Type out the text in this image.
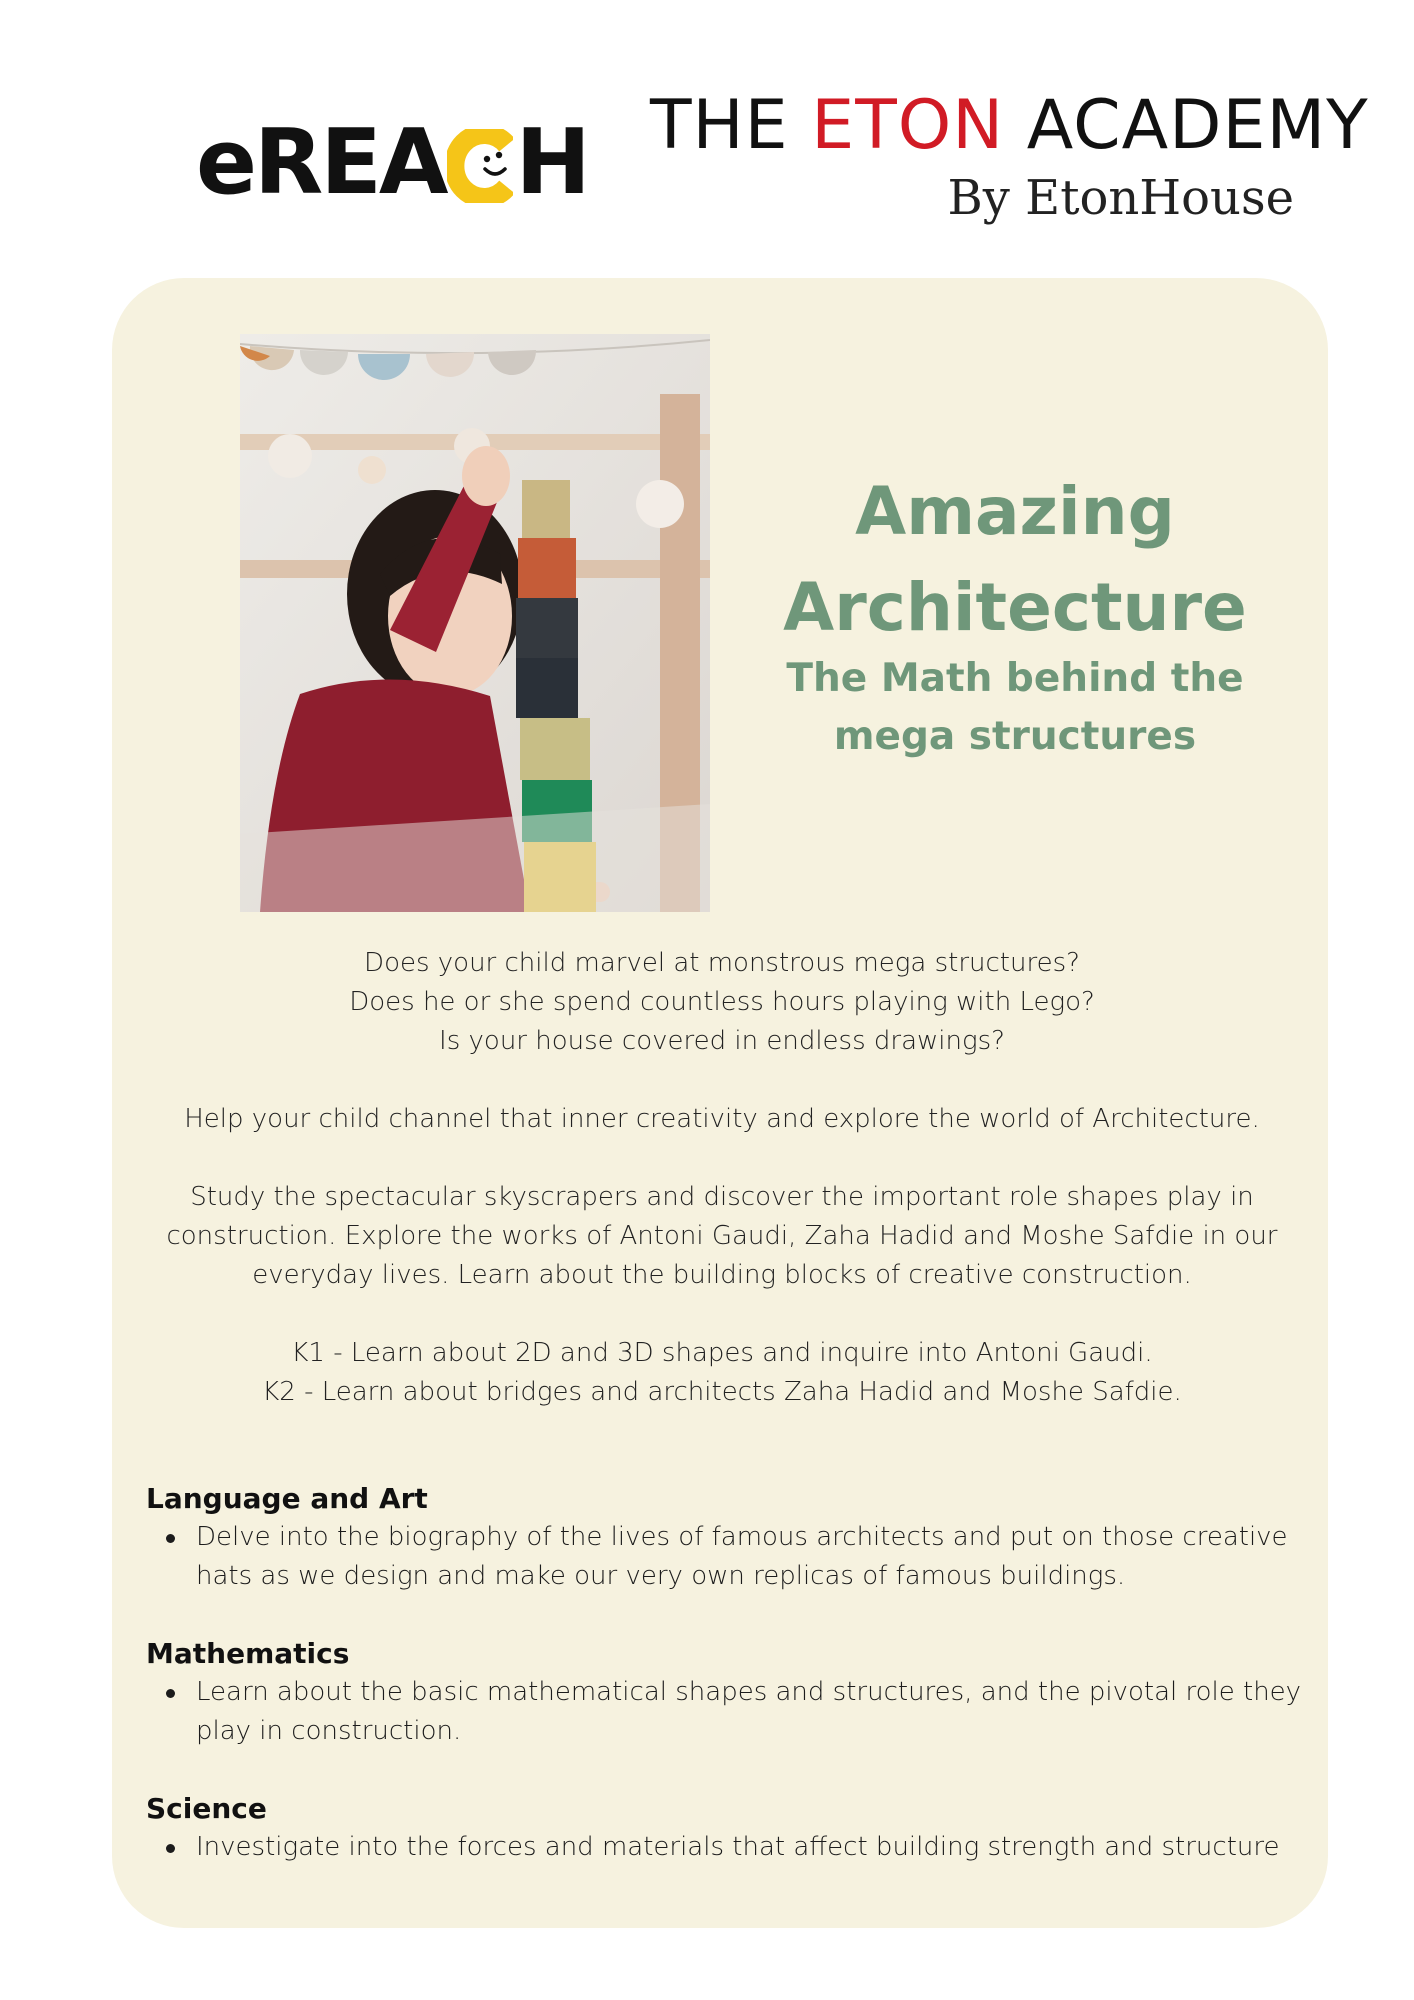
eREA H THE ETON ACADEMY
By EtonHouse
Amazing
Architecture
The Math behind the
mega structures

Does your child marvel at monstrous mega structures?
Does he or she spend countless hours playing with Lego?
Is your house covered in endless drawings?

Help your child channel that inner creativity and explore the world of Architecture.

Study the spectacular skyscrapers and discover the important role shapes play in
construction. Explore the works of Antoni Gaudi, Zaha Hadid and Moshe Safdie in our
everyday lives. Learn about the building blocks of creative construction.

K1 - Learn about 2D and 3D shapes and inquire into Antoni Gaudi.
K2 - Learn about bridges and architects Zaha Hadid and Moshe Safdie.

Language and Art
Delve into the biography of the lives of famous architects and put on those creative
hats as we design and make our very own replicas of famous buildings.
Mathematics
Learn about the basic mathematical shapes and structures, and the pivotal role they
play in construction.
Science
Investigate into the forces and materials that affect building strength and structure
